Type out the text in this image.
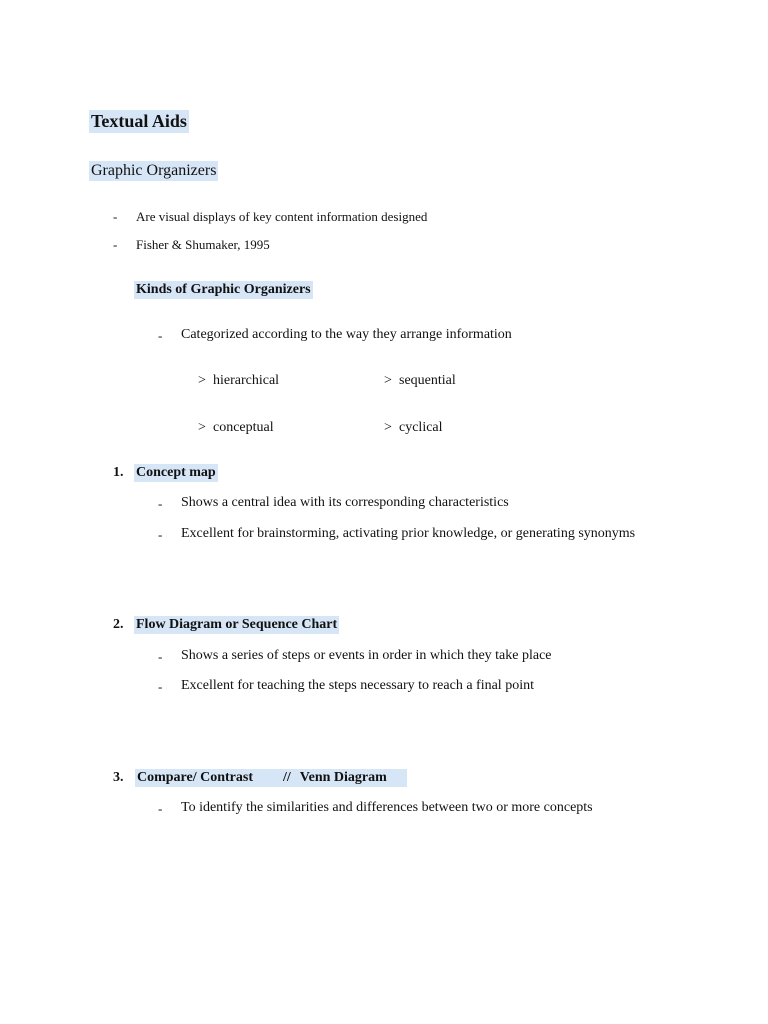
Textual Aids
Graphic Organizers
- Are visual displays of key content information designed
- Fisher & Shumaker, 1995
Kinds of Graphic Organizers
- Categorized according to the way they arrange information
> hierarchical	> sequential
> conceptual	> cyclical
1. Concept map
- Shows a central idea with its corresponding characteristics
- Excellent for brainstorming, activating prior knowledge, or generating synonyms
2. Flow Diagram or Sequence Chart
- Shows a series of steps or events in order in which they take place
- Excellent for teaching the steps necessary to reach a final point
3. Compare/ Contrast // Venn Diagram
- To identify the similarities and differences between two or more concepts
